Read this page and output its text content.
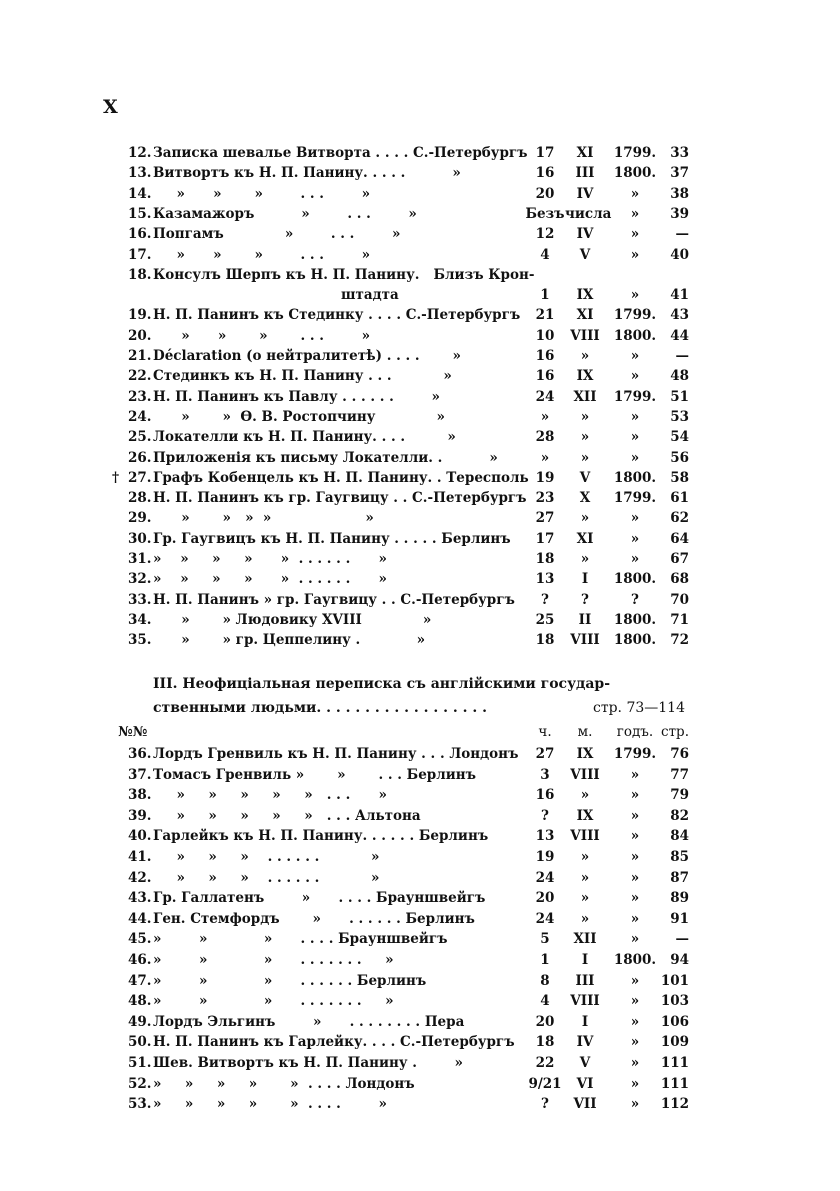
X
12. Записка шевалье Витворта . . . . С.-Петербургъ 17	XI	1799.	33
13. Витвортъ къ Н. П. Панину. . . . .          »	16	III	1800.	37
14. »      »       »        . . .        »	20	IV	»	38
15. Казамажоръ          »        . . .        »	Безъ числа	»	39
16. Попгамъ             »        . . .        »	12	IV	»	—
17. »      »       »        . . .        »	4	V	»	40
18. Консулъ Шерпъ къ Н. П. Панину.   Близъ Крон-
штадта	1	IX	»	41
19. Н. П. Панинъ къ Стединку . . . . С.-Петербургъ	21	XI	1799.	43
20. »      »       »       . . .        »	10	VIII	1800.	44
21. Déclaration (о нейтралитетѣ) . . . .       »	16	»	»	—
22. Стединкъ къ Н. П. Панину . . .           »	16	IX	»	48
23. Н. П. Панинъ къ Павлу . . . . . .        »	24	XII	1799.	51
24. »       »  Ѳ. В. Ростопчину             »	»	»	»	53
25. Локателли къ Н. П. Панину. . . .         »	28	»	»	54
26. Приложенія къ письму Локателли. .          »	»	»	»	56
† 27. Графъ Кобенцель къ Н. П. Панину. . Тересполь 19	V	1800.	58
28. Н. П. Панинъ къ гр. Гаугвицу . . С.-Петербургъ 23	X	1799.	61
29. »       »   »  »                    »	27	»	»	62
30. Гр. Гаугвицъ къ Н. П. Панину . . . . . Берлинъ	17	XI	»	64
31. »    »     »     »      »  . . . . . .      »	18	»	»	67
32. »    »     »     »      »  . . . . . .      »	13	I	1800.	68
33. Н. П. Панинъ » гр. Гаугвицу . . С.-Петербургъ	?	?	?	70
34. »       » Людовику XVIII             »	25	II	1800.	71
35. »       » гр. Цеппелину .            »	18	VIII	1800.	72
III. Неофиціальная переписка съ англійскими государ-
ственными людьми. . . . . . . . . . . . . . . . . .	стр. 73—114
№№	ч.	м.	годъ. стр.
36. Лордъ Гренвиль къ Н. П. Панину . . . Лондонъ	27	IX	1799.	76
37. Томасъ Гренвиль »       »       . . . Берлинъ	3	VIII	»	77
38. »     »     »     »     »   . . .      »	16	»	»	79
39. »     »     »     »     »   . . . Альтона	?	IX	»	82
40. Гарлейкъ къ Н. П. Панину. . . . . . Берлинъ	13	VIII	»	84
41. »     »     »    . . . . . .           »	19	»	»	85
42. »     »     »    . . . . . .           »	24	»	»	87
43. Гр. Галлатенъ        »      . . . . Брауншвейгъ	20	»	»	89
44. Ген. Стемфордъ       »      . . . . . . Берлинъ	24	»	»	91
45. »        »            »      . . . . Брауншвейгъ	5	XII	»	—
46. »        »            »      . . . . . . .     »	1	I	1800.	94
47. »        »            »      . . . . . . Берлинъ	8	III	»	101
48. »        »            »      . . . . . . .     »	4	VIII	»	103
49. Лордъ Эльгинъ        »      . . . . . . . . Пера	20	I	»	106
50. Н. П. Панинъ къ Гарлейку. . . . С.-Петербургъ	18	IV	»	109
51. Шев. Витвортъ къ Н. П. Панину .        »	22	V	»	111
52. »     »     »     »       »  . . . . Лондонъ	9/21	VI	»	111
53. »     »     »     »       »  . . . .        »	?	VII	»	112
